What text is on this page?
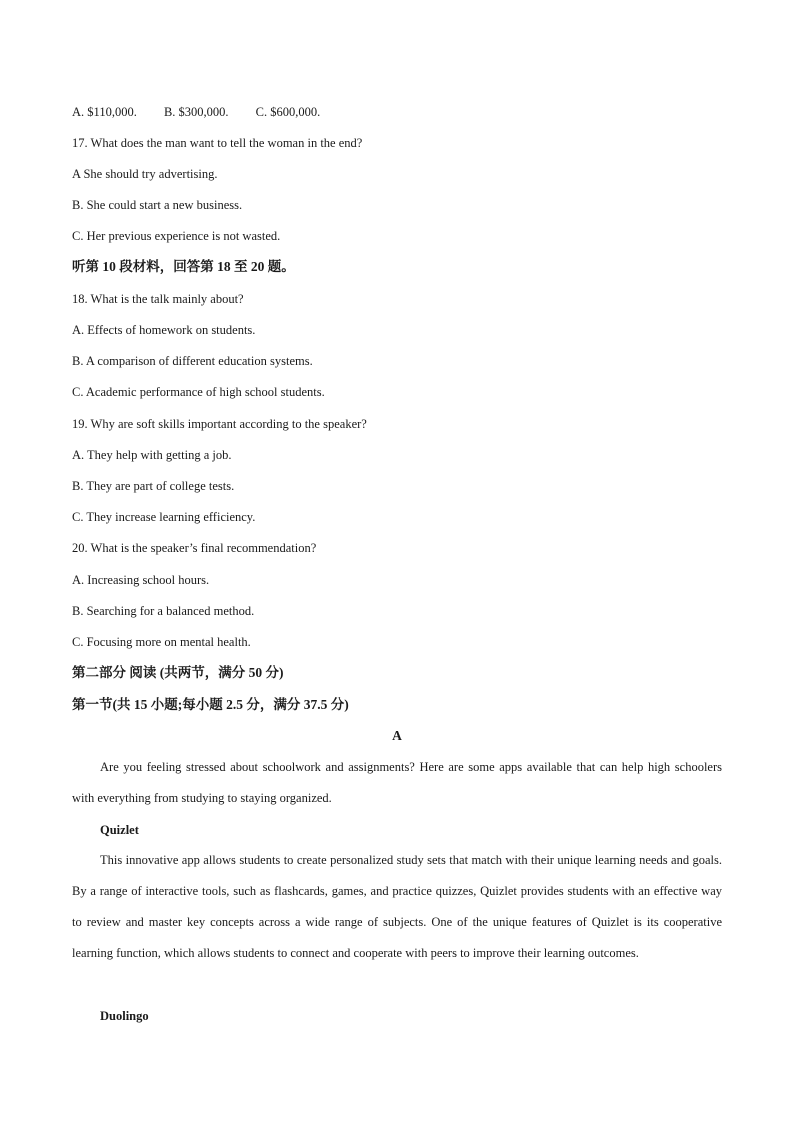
A. $110,000. B. $300,000. C. $600,000.
17. What does the man want to tell the woman in the end?
A She should try advertising.
B. She could start a new business.
C. Her previous experience is not wasted.
听第 10 段材料，回答第 18 至 20 题。
18. What is the talk mainly about?
A. Effects of homework on students.
B. A comparison of different education systems.
C. Academic performance of high school students.
19. Why are soft skills important according to the speaker?
A. They help with getting a job.
B. They are part of college tests.
C. They increase learning efficiency.
20. What is the speaker’s final recommendation?
A. Increasing school hours.
B. Searching for a balanced method.
C. Focusing more on mental health.
第二部分 阅读 (共两节，满分 50 分)
第一节(共 15 小题;每小题 2.5 分，满分 37.5 分)
A
Are you feeling stressed about schoolwork and assignments? Here are some apps available that can help high schoolers with everything from studying to staying organized.
Quizlet
This innovative app allows students to create personalized study sets that match with their unique learning needs and goals. By a range of interactive tools, such as flashcards, games, and practice quizzes, Quizlet provides students with an effective way to review and master key concepts across a wide range of subjects. One of the unique features of Quizlet is its cooperative learning function, which allows students to connect and cooperate with peers to improve their learning outcomes.
Duolingo
